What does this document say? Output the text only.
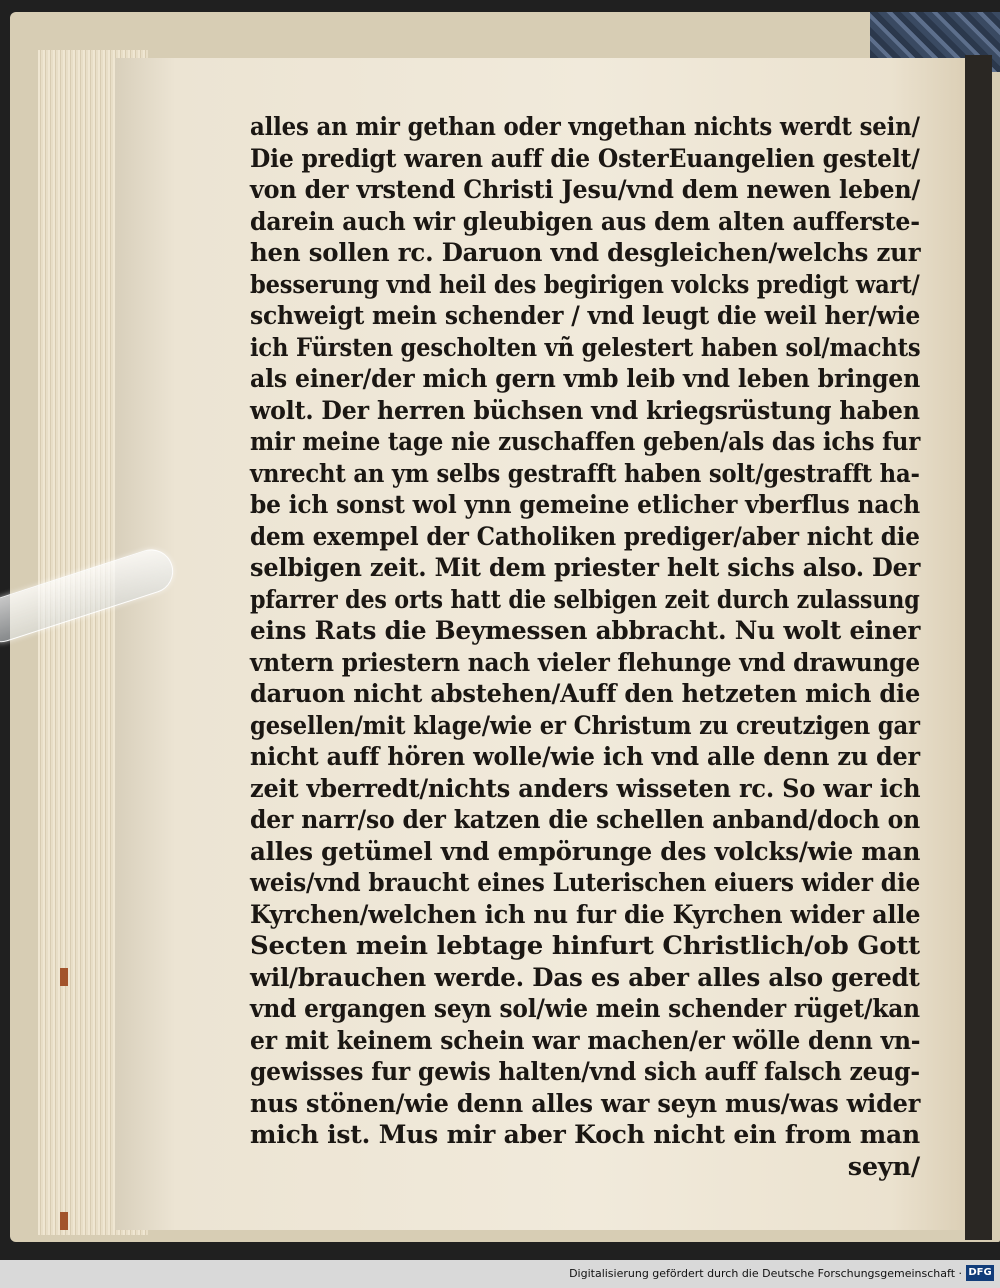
alles an mir gethan oder vngethan nichts werdt sein/
Die predigt waren auff die OsterEuangelien gestelt/
von der vrstend Christi Jesu/vnd dem newen leben/
darein auch wir gleubigen aus dem alten aufferste-
hen sollen rc. Daruon vnd desgleichen/welchs zur
besserung vnd heil des begirigen volcks predigt wart/
schweigt mein schender / vnd leugt die weil her/wie
ich Fürsten gescholten vñ gelestert haben sol/machts
als einer/der mich gern vmb leib vnd leben bringen
wolt. Der herren büchsen vnd kriegsrüstung haben
mir meine tage nie zuschaffen geben/als das ichs fur
vnrecht an ym selbs gestrafft haben solt/gestrafft ha-
be ich sonst wol ynn gemeine etlicher vberflus nach
dem exempel der Catholiken prediger/aber nicht die
selbigen zeit. Mit dem priester helt sichs also. Der
pfarrer des orts hatt die selbigen zeit durch zulassung
eins Rats die Beymessen abbracht. Nu wolt einer
vntern priestern nach vieler flehunge vnd drawunge
daruon nicht abstehen/Auff den hetzeten mich die
gesellen/mit klage/wie er Christum zu creutzigen gar
nicht auff hören wolle/wie ich vnd alle denn zu der
zeit vberredt/nichts anders wisseten rc. So war ich
der narr/so der katzen die schellen anband/doch on
alles getümel vnd empörunge des volcks/wie man
weis/vnd braucht eines Luterischen eiuers wider die
Kyrchen/welchen ich nu fur die Kyrchen wider alle
Secten mein lebtage hinfurt Christlich/ob Gott
wil/brauchen werde. Das es aber alles also geredt
vnd ergangen seyn sol/wie mein schender rüget/kan
er mit keinem schein war machen/er wölle denn vn-
gewisses fur gewis halten/vnd sich auff falsch zeug-
nus stönen/wie denn alles war seyn mus/was wider
mich ist. Mus mir aber Koch nicht ein from man
seyn/
Digitalisierung gefördert durch die Deutsche Forschungsgemeinschaft · DFG
